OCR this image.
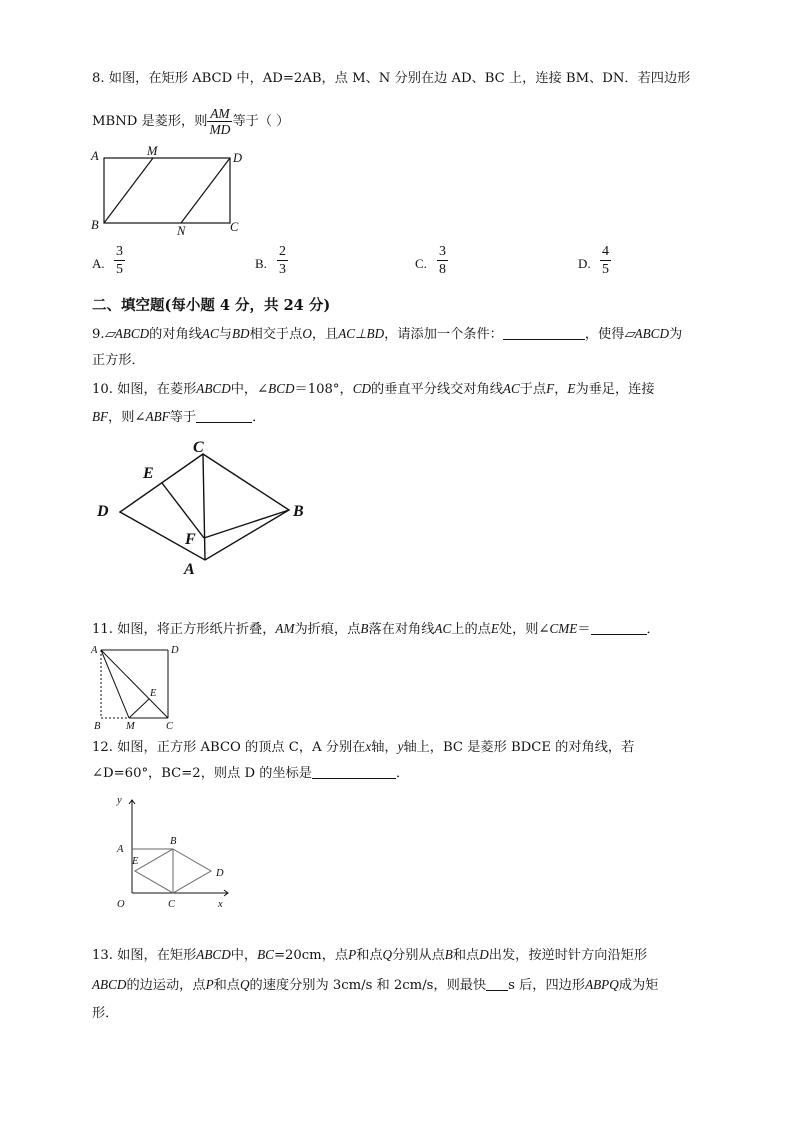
8. 如图，在矩形 ABCD 中，AD=2AB，点 M、N 分别在边 AD、BC 上，连接 BM、DN．若四边形
MBND 是菱形，则 $\frac{AM}{MD}$ 等于（ ）
A	M	D
B	N	C
A. $\frac{3}{5}$	B. $\frac{2}{3}$	C. $\frac{3}{8}$	D. $\frac{4}{5}$
二、填空题(每小题 4 分，共 24 分)
9.▱ABCD的对角线AC与BD相交于点O，且AC⊥BD，请添加一个条件：	，使得▱ABCD为
正方形．
10. 如图，在菱形ABCD中，∠BCD＝108°，CD的垂直平分线交对角线AC于点F，E为垂足，连接
BF，则∠ABF等于	．
C
E
D	B
F
A
11. 如图，将正方形纸片折叠，AM为折痕，点B落在对角线AC上的点E处，则∠CME＝	．
A	D
E
B M	C
12. 如图，正方形 ABCO 的顶点 C，A 分别在x轴，y轴上，BC 是菱形 BDCE 的对角线，若
∠D=60°，BC=2，则点 D 的坐标是	．
y
A
B
E
D
O	C	x
13. 如图，在矩形ABCD中，BC=20cm，点P和点Q分别从点B和点D出发，按逆时针方向沿矩形
ABCD的边运动，点P和点Q的速度分别为 3cm/s 和 2cm/s，则最快 s 后，四边形ABPQ成为矩
形．
